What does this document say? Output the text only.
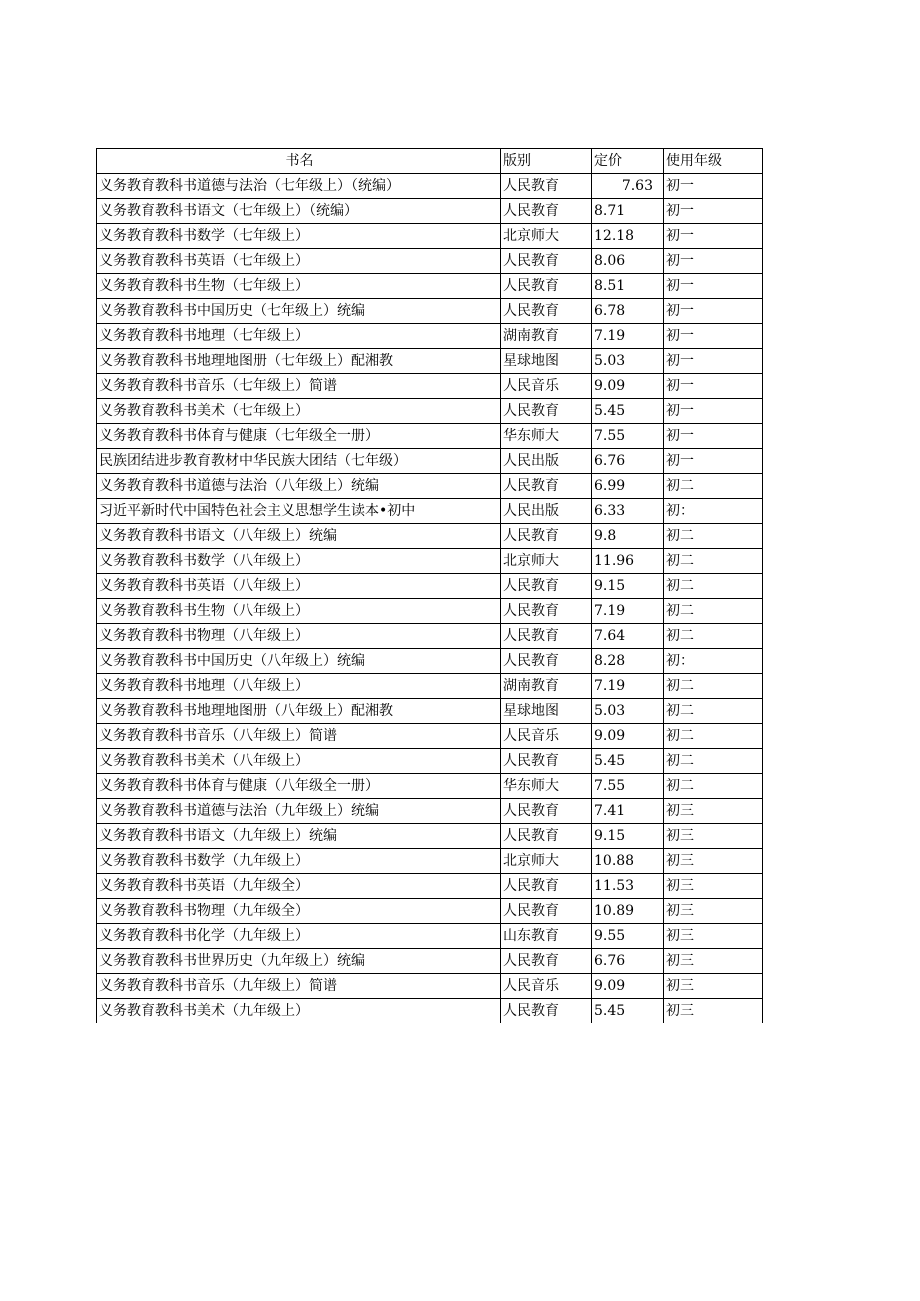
书名	版别	定价	使用年级
义务教育教科书道德与法治（七年级上）（统编）	人民教育	7.63	初一
义务教育教科书语文（七年级上）（统编）	人民教育	8.71	初一
义务教育教科书数学（七年级上）	北京师大	12.18	初一
义务教育教科书英语（七年级上）	人民教育	8.06	初一
义务教育教科书生物（七年级上）	人民教育	8.51	初一
义务教育教科书中国历史（七年级上）统编	人民教育	6.78	初一
义务教育教科书地理（七年级上）	湖南教育	7.19	初一
义务教育教科书地理地图册（七年级上）配湘教	星球地图	5.03	初一
义务教育教科书音乐（七年级上）简谱	人民音乐	9.09	初一
义务教育教科书美术（七年级上）	人民教育	5.45	初一
义务教育教科书体育与健康（七年级全一册）	华东师大	7.55	初一
民族团结进步教育教材中华民族大团结（七年级）	人民出版	6.76	初一
义务教育教科书道德与法治（八年级上）统编	人民教育	6.99	初二
习近平新时代中国特色社会主义思想学生读本•初中	人民出版	6.33	初：
义务教育教科书语文（八年级上）统编	人民教育	9.8	初二
义务教育教科书数学（八年级上）	北京师大	11.96	初二
义务教育教科书英语（八年级上）	人民教育	9.15	初二
义务教育教科书生物（八年级上）	人民教育	7.19	初二
义务教育教科书物理（八年级上）	人民教育	7.64	初二
义务教育教科书中国历史（八年级上）统编	人民教育	8.28	初：
义务教育教科书地理（八年级上）	湖南教育	7.19	初二
义务教育教科书地理地图册（八年级上）配湘教	星球地图	5.03	初二
义务教育教科书音乐（八年级上）简谱	人民音乐	9.09	初二
义务教育教科书美术（八年级上）	人民教育	5.45	初二
义务教育教科书体育与健康（八年级全一册）	华东师大	7.55	初二
义务教育教科书道德与法治（九年级上）统编	人民教育	7.41	初三
义务教育教科书语文（九年级上）统编	人民教育	9.15	初三
义务教育教科书数学（九年级上）	北京师大	10.88	初三
义务教育教科书英语（九年级全）	人民教育	11.53	初三
义务教育教科书物理（九年级全）	人民教育	10.89	初三
义务教育教科书化学（九年级上）	山东教育	9.55	初三
义务教育教科书世界历史（九年级上）统编	人民教育	6.76	初三
义务教育教科书音乐（九年级上）简谱	人民音乐	9.09	初三
义务教育教科书美术（九年级上）	人民教育	5.45	初三
